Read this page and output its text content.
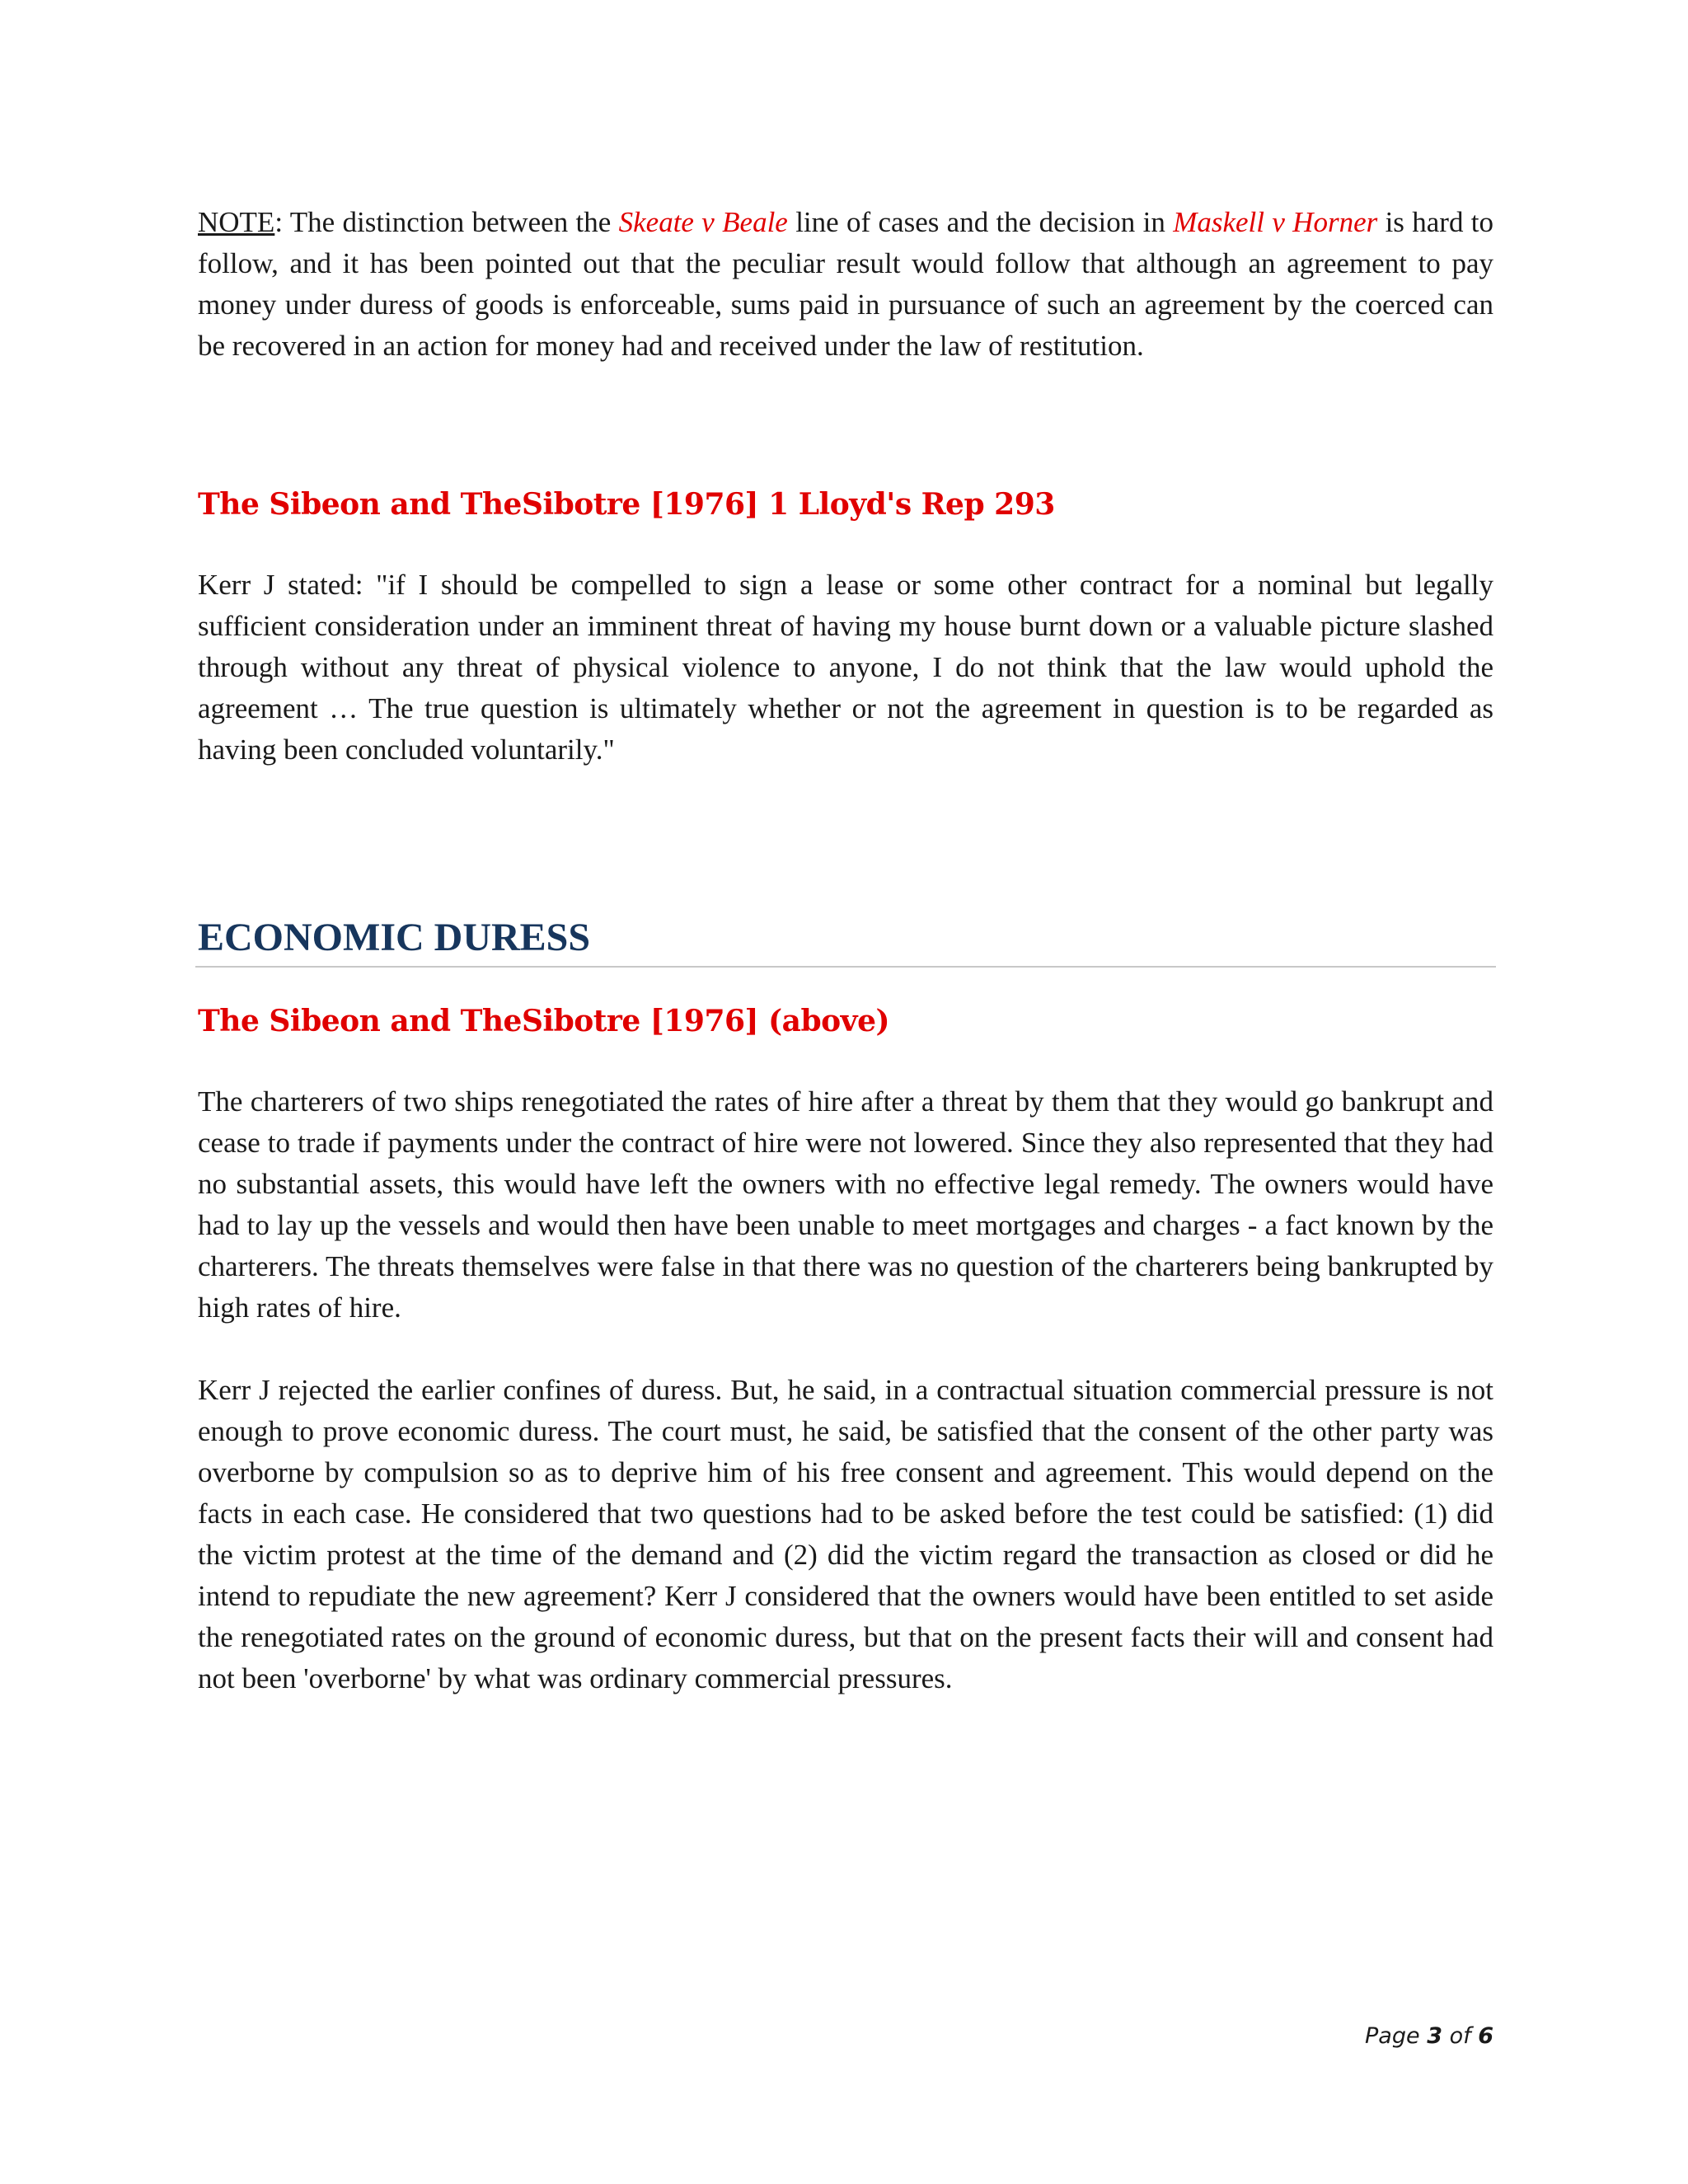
NOTE: The distinction between the Skeate v Beale line of cases and the decision in Maskell v Horner is hard to follow, and it has been pointed out that the peculiar result would follow that although an agreement to pay money under duress of goods is enforceable, sums paid in pursuance of such an agreement by the coerced can be recovered in an action for money had and received under the law of restitution.

The Sibeon and TheSibotre [1976] 1 Lloyd's Rep 293

Kerr J stated: "if I should be compelled to sign a lease or some other contract for a nominal but legally sufficient consideration under an imminent threat of having my house burnt down or a valuable picture slashed through without any threat of physical violence to anyone, I do not think that the law would uphold the agreement … The true question is ultimately whether or not the agreement in question is to be regarded as having been concluded voluntarily."

ECONOMIC DURESS
The Sibeon and TheSibotre [1976] (above)

The charterers of two ships renegotiated the rates of hire after a threat by them that they would go bankrupt and cease to trade if payments under the contract of hire were not lowered. Since they also represented that they had no substantial assets, this would have left the owners with no effective legal remedy. The owners would have had to lay up the vessels and would then have been unable to meet mortgages and charges - a fact known by the charterers. The threats themselves were false in that there was no question of the charterers being bankrupted by high rates of hire.

Kerr J rejected the earlier confines of duress. But, he said, in a contractual situation commercial pressure is not enough to prove economic duress. The court must, he said, be satisfied that the consent of the other party was overborne by compulsion so as to deprive him of his free consent and agreement. This would depend on the facts in each case. He considered that two questions had to be asked before the test could be satisfied: (1) did the victim protest at the time of the demand and (2) did the victim regard the transaction as closed or did he intend to repudiate the new agreement? Kerr J considered that the owners would have been entitled to set aside the renegotiated rates on the ground of economic duress, but that on the present facts their will and consent had not been 'overborne' by what was ordinary commercial pressures.

Page 3 of 6
